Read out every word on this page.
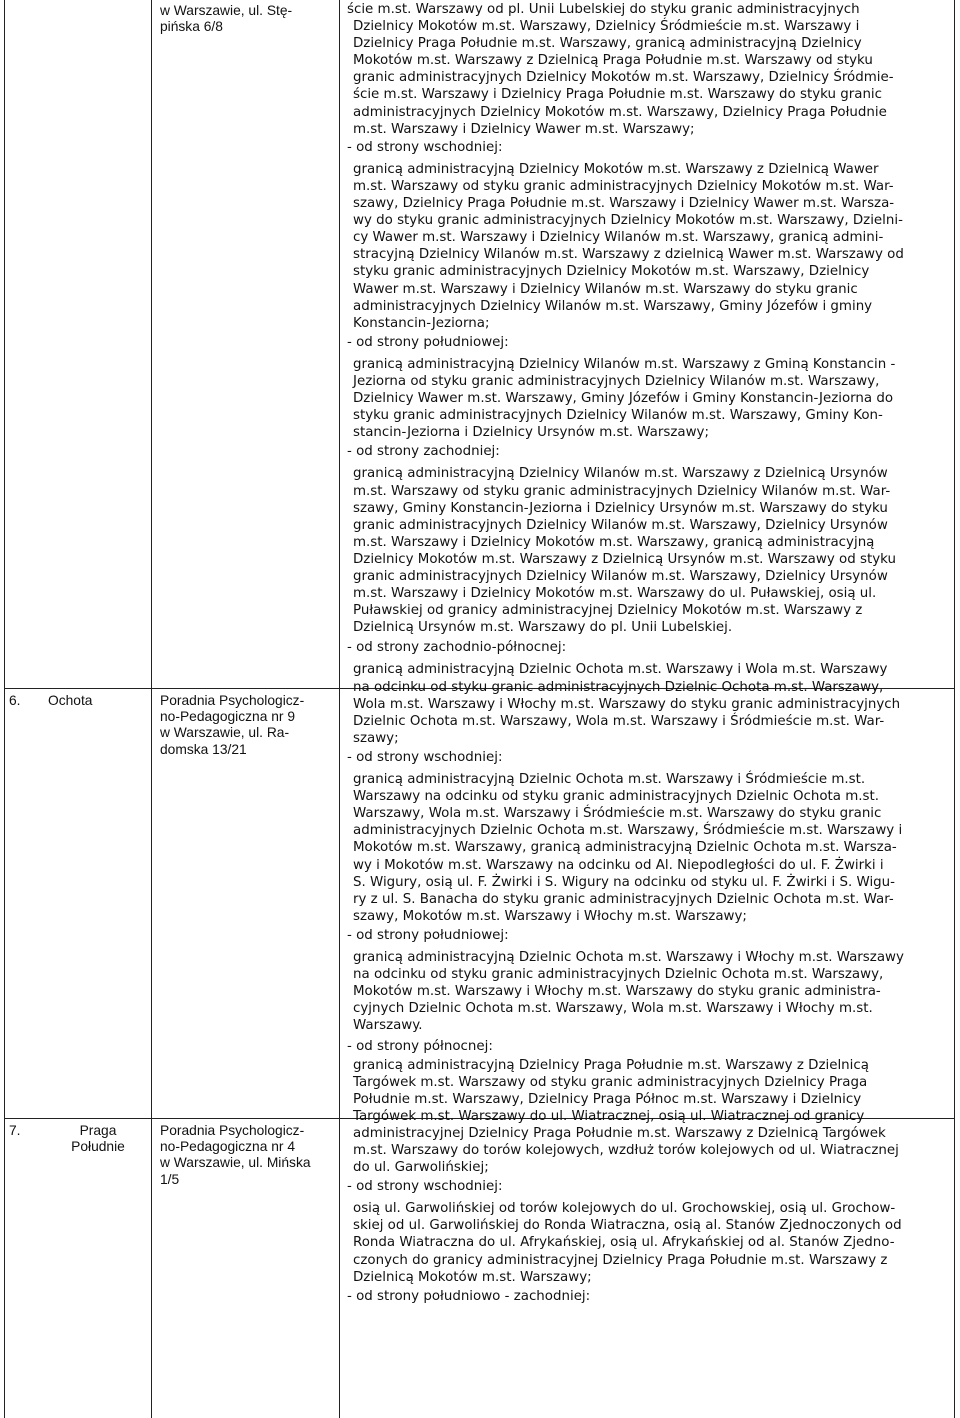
w Warszawie, ul. Stę-
pińska 6/8
6. Ochota	Poradnia Psychologicz-
no-Pedagogiczna nr 9
w Warszawie, ul. Ra-
domska 13/21
7.	Praga
Południe
Poradnia Psychologicz-
no-Pedagogiczna nr 4
w Warszawie, ul. Mińska
1/5
ście m.st. Warszawy od pl. Unii Lubelskiej do styku granic administracyjnych
Dzielnicy Mokotów m.st. Warszawy, Dzielnicy Śródmieście m.st. Warszawy i
Dzielnicy Praga Południe m.st. Warszawy, granicą administracyjną Dzielnicy
Mokotów m.st. Warszawy z Dzielnicą Praga Południe m.st. Warszawy od styku
granic administracyjnych Dzielnicy Mokotów m.st. Warszawy, Dzielnicy Śródmie-
ście m.st. Warszawy i Dzielnicy Praga Południe m.st. Warszawy do styku granic
administracyjnych Dzielnicy Mokotów m.st. Warszawy, Dzielnicy Praga Południe
m.st. Warszawy i Dzielnicy Wawer m.st. Warszawy;
- od strony wschodniej:
granicą administracyjną Dzielnicy Mokotów m.st. Warszawy z Dzielnicą Wawer
m.st. Warszawy od styku granic administracyjnych Dzielnicy Mokotów m.st. War-
szawy, Dzielnicy Praga Południe m.st. Warszawy i Dzielnicy Wawer m.st. Warsza-
wy do styku granic administracyjnych Dzielnicy Mokotów m.st. Warszawy, Dzielni-
cy Wawer m.st. Warszawy i Dzielnicy Wilanów m.st. Warszawy, granicą admini-
stracyjną Dzielnicy Wilanów m.st. Warszawy z dzielnicą Wawer m.st. Warszawy od
styku granic administracyjnych Dzielnicy Mokotów m.st. Warszawy, Dzielnicy
Wawer m.st. Warszawy i Dzielnicy Wilanów m.st. Warszawy do styku granic
administracyjnych Dzielnicy Wilanów m.st. Warszawy, Gminy Józefów i gminy
Konstancin-Jeziorna;
- od strony południowej:
granicą administracyjną Dzielnicy Wilanów m.st. Warszawy z Gminą Konstancin -
Jeziorna od styku granic administracyjnych Dzielnicy Wilanów m.st. Warszawy,
Dzielnicy Wawer m.st. Warszawy, Gminy Józefów i Gminy Konstancin-Jeziorna do
styku granic administracyjnych Dzielnicy Wilanów m.st. Warszawy, Gminy Kon-
stancin-Jeziorna i Dzielnicy Ursynów m.st. Warszawy;
- od strony zachodniej:
granicą administracyjną Dzielnicy Wilanów m.st. Warszawy z Dzielnicą Ursynów
m.st. Warszawy od styku granic administracyjnych Dzielnicy Wilanów m.st. War-
szawy, Gminy Konstancin-Jeziorna i Dzielnicy Ursynów m.st. Warszawy do styku
granic administracyjnych Dzielnicy Wilanów m.st. Warszawy, Dzielnicy Ursynów
m.st. Warszawy i Dzielnicy Mokotów m.st. Warszawy, granicą administracyjną
Dzielnicy Mokotów m.st. Warszawy z Dzielnicą Ursynów m.st. Warszawy od styku
granic administracyjnych Dzielnicy Wilanów m.st. Warszawy, Dzielnicy Ursynów
m.st. Warszawy i Dzielnicy Mokotów m.st. Warszawy do ul. Puławskiej, osią ul.
Puławskiej od granicy administracyjnej Dzielnicy Mokotów m.st. Warszawy z
Dzielnicą Ursynów m.st. Warszawy do pl. Unii Lubelskiej.
- od strony zachodnio-północnej:
granicą administracyjną Dzielnic Ochota m.st. Warszawy i Wola m.st. Warszawy
na odcinku od styku granic administracyjnych Dzielnic Ochota m.st. Warszawy,
Wola m.st. Warszawy i Włochy m.st. Warszawy do styku granic administracyjnych
Dzielnic Ochota m.st. Warszawy, Wola m.st. Warszawy i Śródmieście m.st. War-
szawy;
- od strony wschodniej:
granicą administracyjną Dzielnic Ochota m.st. Warszawy i Śródmieście m.st.
Warszawy na odcinku od styku granic administracyjnych Dzielnic Ochota m.st.
Warszawy, Wola m.st. Warszawy i Śródmieście m.st. Warszawy do styku granic
administracyjnych Dzielnic Ochota m.st. Warszawy, Śródmieście m.st. Warszawy i
Mokotów m.st. Warszawy, granicą administracyjną Dzielnic Ochota m.st. Warsza-
wy i Mokotów m.st. Warszawy na odcinku od Al. Niepodległości do ul. F. Żwirki i
S. Wigury, osią ul. F. Żwirki i S. Wigury na odcinku od styku ul. F. Żwirki i S. Wigu-
ry z ul. S. Banacha do styku granic administracyjnych Dzielnic Ochota m.st. War-
szawy, Mokotów m.st. Warszawy i Włochy m.st. Warszawy;
- od strony południowej:
granicą administracyjną Dzielnic Ochota m.st. Warszawy i Włochy m.st. Warszawy
na odcinku od styku granic administracyjnych Dzielnic Ochota m.st. Warszawy,
Mokotów m.st. Warszawy i Włochy m.st. Warszawy do styku granic administra-
cyjnych Dzielnic Ochota m.st. Warszawy, Wola m.st. Warszawy i Włochy m.st.
Warszawy.
- od strony północnej:
granicą administracyjną Dzielnicy Praga Południe m.st. Warszawy z Dzielnicą
Targówek m.st. Warszawy od styku granic administracyjnych Dzielnicy Praga
Południe m.st. Warszawy, Dzielnicy Praga Północ m.st. Warszawy i Dzielnicy
Targówek m.st. Warszawy do ul. Wiatracznej, osią ul. Wiatracznej od granicy
administracyjnej Dzielnicy Praga Południe m.st. Warszawy z Dzielnicą Targówek
m.st. Warszawy do torów kolejowych, wzdłuż torów kolejowych od ul. Wiatracznej
do ul. Garwolińskiej;
- od strony wschodniej:
osią ul. Garwolińskiej od torów kolejowych do ul. Grochowskiej, osią ul. Grochow-
skiej od ul. Garwolińskiej do Ronda Wiatraczna, osią al. Stanów Zjednoczonych od
Ronda Wiatraczna do ul. Afrykańskiej, osią ul. Afrykańskiej od al. Stanów Zjedno-
czonych do granicy administracyjnej Dzielnicy Praga Południe m.st. Warszawy z
Dzielnicą Mokotów m.st. Warszawy;
- od strony południowo - zachodniej:
